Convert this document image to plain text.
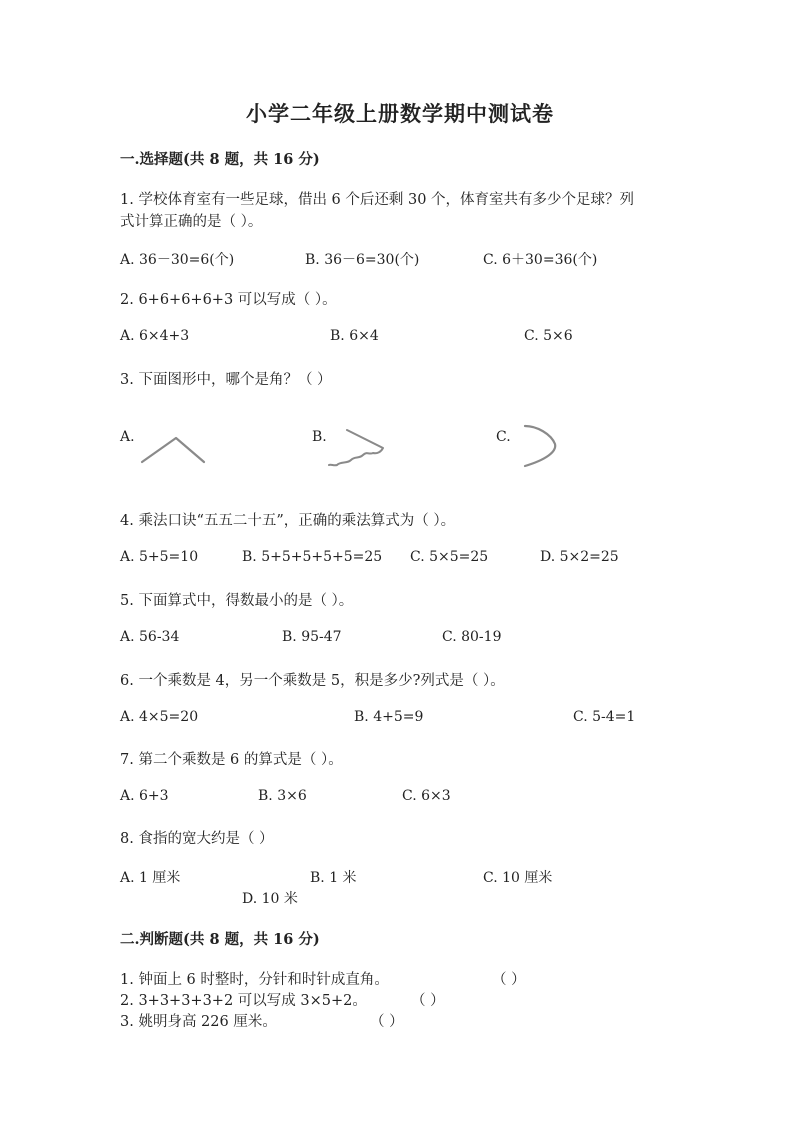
小学二年级上册数学期中测试卷
一.选择题(共 8 题，共 16 分)
1. 学校体育室有一些足球，借出 6 个后还剩 30 个，体育室共有多少个足球？列
式计算正确的是（ ）。
A. 36－30=6(个)	B. 36－6=30(个)	C. 6＋30=36(个)
2. 6+6+6+6+3 可以写成（ ）。
A. 6×4+3	B. 6×4	C. 5×6
3. 下面图形中，哪个是角？（ ）
A.	B.	C.
4. 乘法口诀“五五二十五”，正确的乘法算式为（ ）。
A. 5+5=10	B. 5+5+5+5+5=25 C. 5×5=25	D. 5×2=25
5. 下面算式中，得数最小的是（ ）。
A. 56-34	B. 95-47	C. 80-19
6. 一个乘数是 4，另一个乘数是 5，积是多少?列式是（ ）。
A. 4×5=20	B. 4+5=9	C. 5-4=1
7. 第二个乘数是 6 的算式是（ ）。
A. 6+3	B. 3×6	C. 6×3
8. 食指的宽大约是（ ）
A. 1 厘米	B. 1 米	C. 10 厘米
D. 10 米
二.判断题(共 8 题，共 16 分)
1. 钟面上 6 时整时，分针和时针成直角。	（ ）
2. 3+3+3+3+2 可以写成 3×5+2。	（ ）
3. 姚明身高 226 厘米。	（ ）
